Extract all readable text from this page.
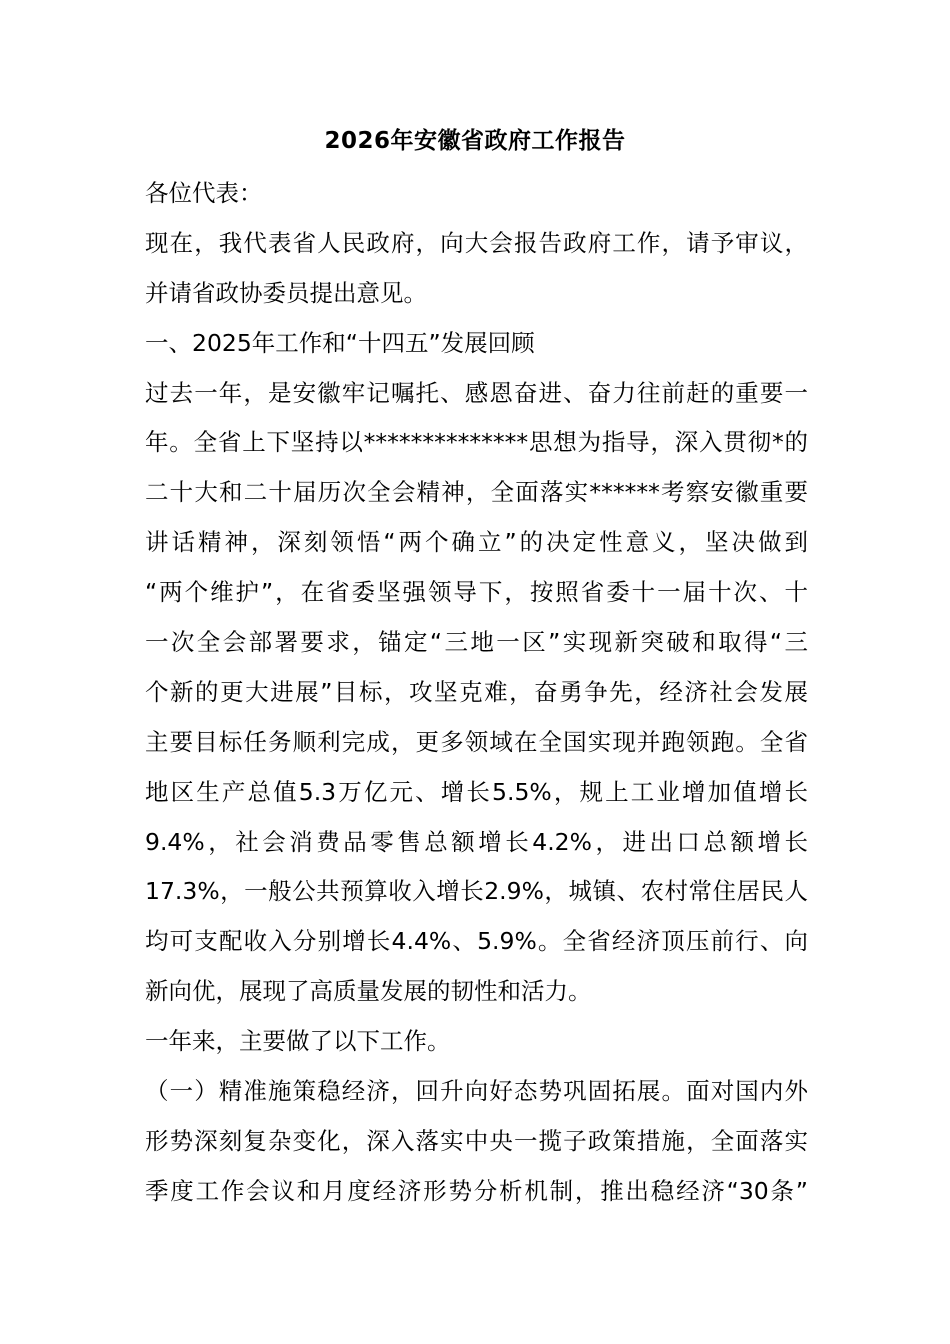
2026年安徽省政府工作报告
各位代表：
现在，我代表省人民政府，向大会报告政府工作，请予审议，
并请省政协委员提出意见。
一、2025年工作和“十四五”发展回顾
过去一年，是安徽牢记嘱托、感恩奋进、奋力往前赶的重要一
年。全省上下坚持以**************思想为指导，深入贯彻*的
二十大和二十届历次全会精神，全面落实******考察安徽重要
讲话精神，深刻领悟“两个确立”的决定性意义，坚决做到
“两个维护”，在省委坚强领导下，按照省委十一届十次、十
一次全会部署要求，锚定“三地一区”实现新突破和取得“三
个新的更大进展”目标，攻坚克难，奋勇争先，经济社会发展
主要目标任务顺利完成，更多领域在全国实现并跑领跑。全省
地区生产总值5.3万亿元、增长5.5%，规上工业增加值增长
9.4%，社会消费品零售总额增长4.2%，进出口总额增长
17.3%，一般公共预算收入增长2.9%，城镇、农村常住居民人
均可支配收入分别增长4.4%、5.9%。全省经济顶压前行、向
新向优，展现了高质量发展的韧性和活力。
一年来，主要做了以下工作。
（一）精准施策稳经济，回升向好态势巩固拓展。面对国内外
形势深刻复杂变化，深入落实中央一揽子政策措施，全面落实
季度工作会议和月度经济形势分析机制，推出稳经济“30条”
